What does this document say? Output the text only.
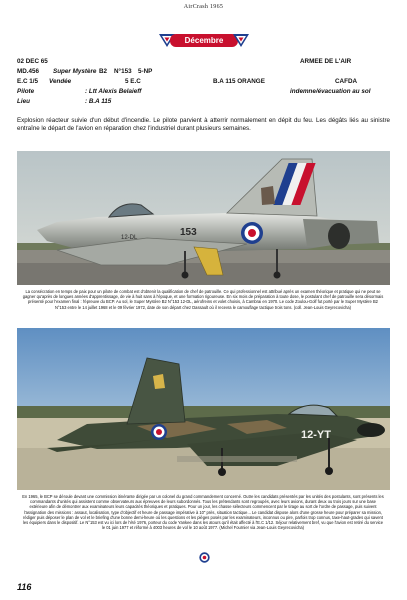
AirCrash 1965
Décembre
02 DEC 65	ARMEE DE L'AIR
MD.456 Super Mystère B2 N°153 5-NP
E.C 1/5 Vendée	5 E.C	B.A 115 ORANGE	CAFDA
Pilote	: Ltt Alexis Belaieff	indemne/évacuation au sol
Lieu	: B.A 115
Explosion réacteur suivie d'un début d'incendie. Le pilote parvient à atterrir normalement en dépit du feu. Les dégâts liés au sinistre entraîne le départ de l'avion en réparation chez l'industriel durant plusieurs semaines.
153
12-DL
La consécration en temps de paix pour un pilote de combat est d'obtenir la qualification de chef de patrouille. Ce qui professionnel est attribué après un examen théorique et pratique qui ne peut se gagner qu'après de longues années d'apprentissage, de vie à huit sans à l'époque, et une formation rigoureuse. En six mois de préparation à toute dose, le postulant chef de patrouille sera désormais présenté pour l'examen final : l'épreuve du BCP. Au sol, le Super Mystère B2 N°153 12-DL, aérofreins et volet choisis, à Cambrai en 1970. Le code Zoulou-Golf fut porté par le Super Mystère B2 N°153 entre le 14 juillet 1968 et le 09 février 1972, date de son départ chez Dassault où il recevra le camouflage tactique trois tons. (coll. Jean-Louis Geyrecovicha)
12-YT
En 1965, le BCP se déroule devant une commission itinérante dirigée par un colonel du grand commandement concerné. Outre les candidats présentés par les unités des postulants, sont présents les commandants d'unités qui assistent comme observateurs aux épreuves de leurs subordonnés. Tous les prétendants sont regroupés, avec leurs avions, durant deux ou trois jours sur une base extérieure afin de démontrer aux examinateurs leurs capacités théoriques et pratiques. Pour un jour, les chasse sélecteurs commencent par le tirage au sort de l'ordre de passage, puis suivent l'assignation des missions : assaut, localisation, type d'objectif et heure de passage impérative à 10" près, situation tactique... Le candidat dispose alors d'une grosse heure pour préparer sa mission, rédiger puis déposer le plan de vol et le briefing d'une bonne demi-heure où les questions et les pièges posés par les examinateurs, inconnus ou pire, parfois trop connus, taxe-haut-grades qui savent les équipiers dans le dispositif. Le N°153 est vu ici lors de l'été 1976, porteur du code Yankee dans les atours qu'il était affecté à l'E.C 1/12. Séjour relativement bref, vu que l'avion est retiré du service le 01 juin 1977 et réformé à 4003 heures de vol le 10 août 1977. (Michel Fournier via Jean-Louis Geyrecovicha)
116
